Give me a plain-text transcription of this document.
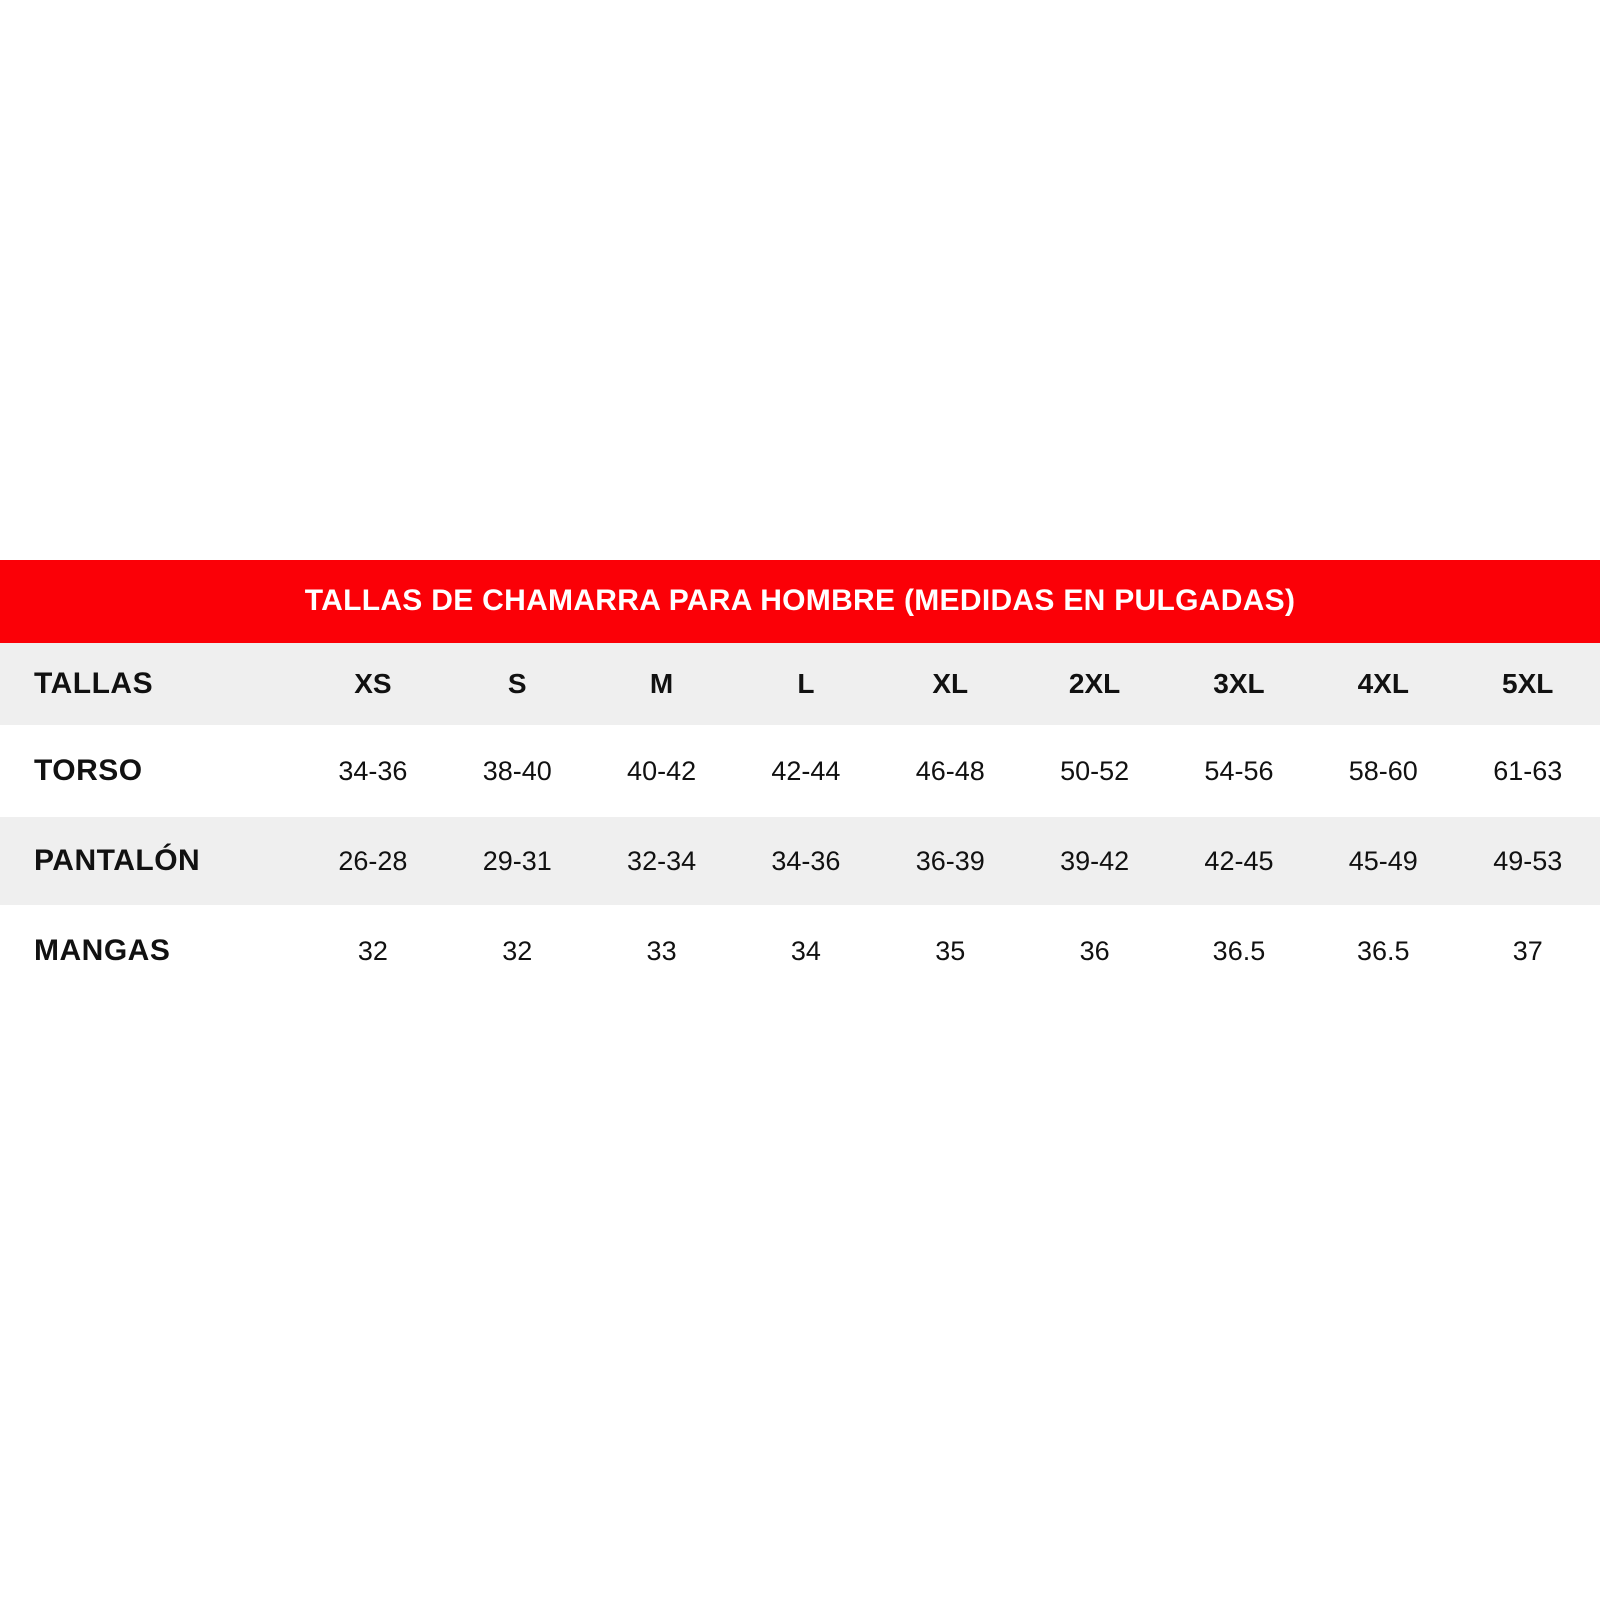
TALLAS DE CHAMARRA PARA HOMBRE (MEDIDAS EN PULGADAS)									
TALLAS	XS	S	M	L	XL	2XL	3XL	4XL	5XL
TORSO	34-36	38-40	40-42	42-44	46-48	50-52	54-56	58-60	61-63
PANTALÓN	26-28	29-31	32-34	34-36	36-39	39-42	42-45	45-49	49-53
MANGAS	32	32	33	34	35	36	36.5	36.5	37
